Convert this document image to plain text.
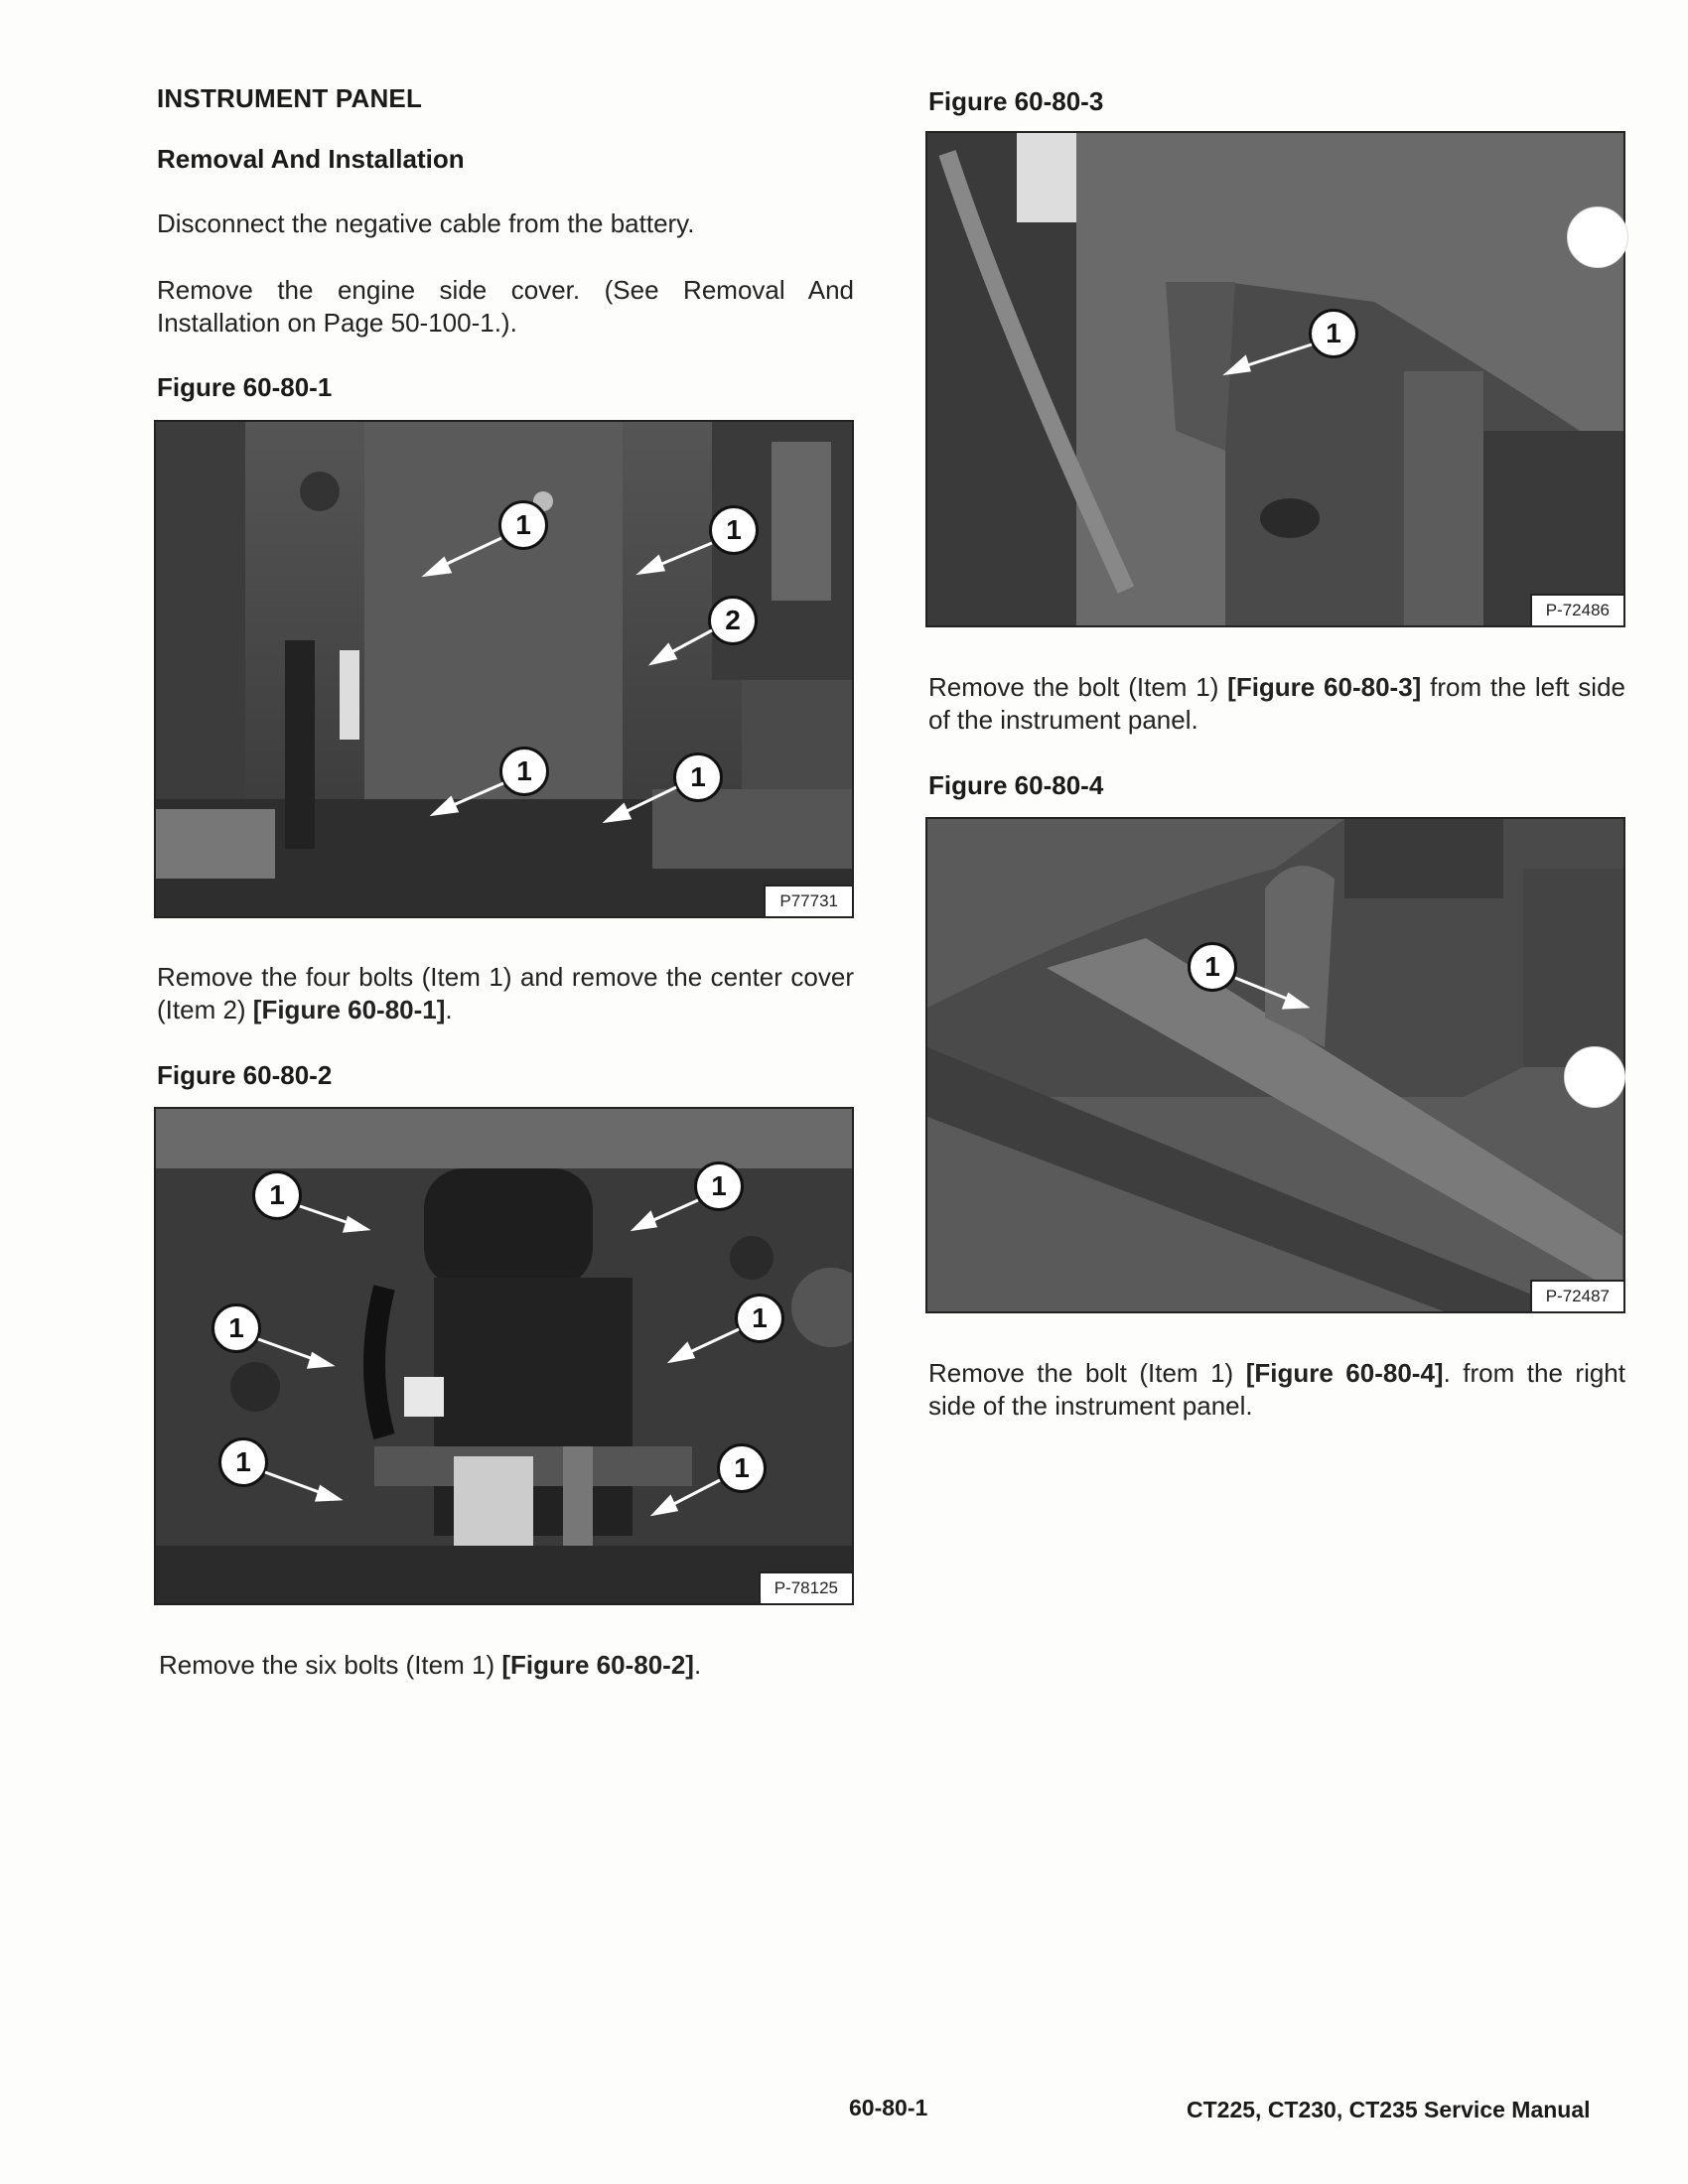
INSTRUMENT PANEL
Removal And Installation
Disconnect the negative cable from the battery.
Remove the engine side cover. (See Removal And Installation on Page 50-100-1.).
Figure 60-80-1
1	1
2
1	1
P77731
Remove the four bolts (Item 1) and remove the center cover (Item 2) [Figure 60-80-1].
Figure 60-80-2
1	1
1	1
1	1
P-78125
Remove the six bolts (Item 1) [Figure 60-80-2].
Figure 60-80-3
1
P-72486
Remove the bolt (Item 1) [Figure 60-80-3] from the left side of the instrument panel.
Figure 60-80-4
1
P-72487
Remove the bolt (Item 1) [Figure 60-80-4]. from the right side of the instrument panel.
60-80-1	CT225, CT230, CT235 Service Manual
